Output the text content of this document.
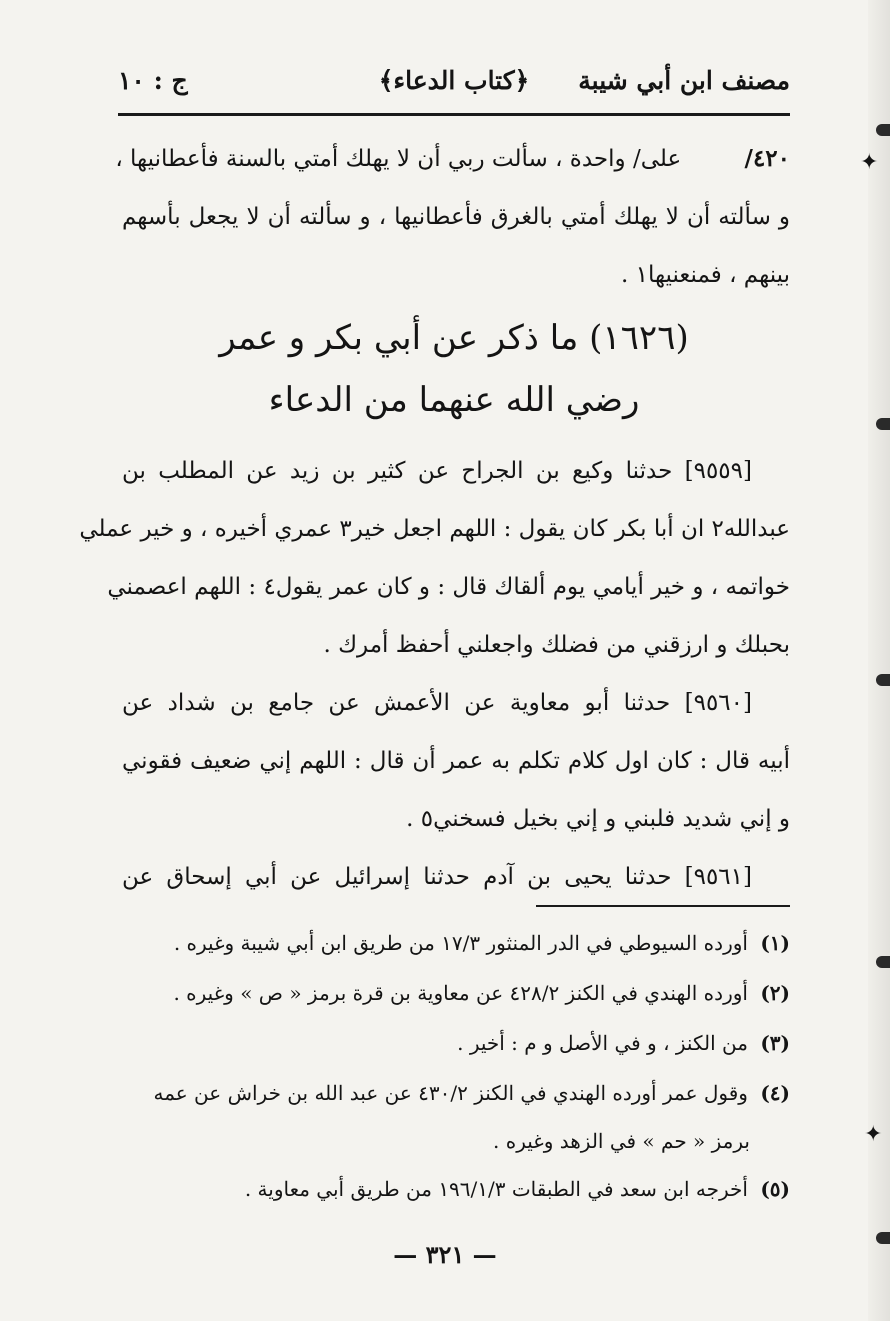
✦
✦
مصنف ابن أبي شيبة
﴿كتاب الدعاء﴾
ج : ١٠
٤٢٠/ على/ واحدة ، سألت ربي أن لا يهلك أمتي بالسنة فأعطانيها ،
و سألته أن لا يهلك أمتي بالغرق فأعطانيها ، و سألته أن لا يجعل بأسهم
بينهم ، فمنعنيها١ .
(١٦٢٦) ما ذكر عن أبي بكر و عمر
رضي الله عنهما من الدعاء
[٩٥٥٩] حدثنا وكيع بن الجراح عن كثير بن زيد عن المطلب بن
عبدالله٢ ان أبا بكر كان يقول : اللهم اجعل خير٣ عمري أخيره ، و خير عملي
خواتمه ، و خير أيامي يوم ألقاك قال : و كان عمر يقول٤ : اللهم اعصمني
بحبلك و ارزقني من فضلك واجعلني أحفظ أمرك .
[٩٥٦٠] حدثنا أبو معاوية عن الأعمش عن جامع بن شداد عن
أبيه قال : كان اول كلام تكلم به عمر أن قال : اللهم إني ضعيف فقوني
و إني شديد فلبني و إني بخيل فسخني٥ .
[٩٥٦١] حدثنا يحيى بن آدم حدثنا إسرائيل عن أبي إسحاق عن
(١) أورده السيوطي في الدر المنثور ١٧/٣ من طريق ابن أبي شيبة وغيره .
(٢) أورده الهندي في الكنز ٤٢٨/٢ عن معاوية بن قرة برمز « ص » وغيره .
(٣) من الكنز ، و في الأصل و م : أخير .
(٤) وقول عمر أورده الهندي في الكنز ٤٣٠/٢ عن عبد الله بن خراش عن عمه
برمز « حم » في الزهد وغيره .
(٥) أخرجه ابن سعد في الطبقات ١٩٦/١/٣ من طريق أبي معاوية .
— ٣٢١ —
